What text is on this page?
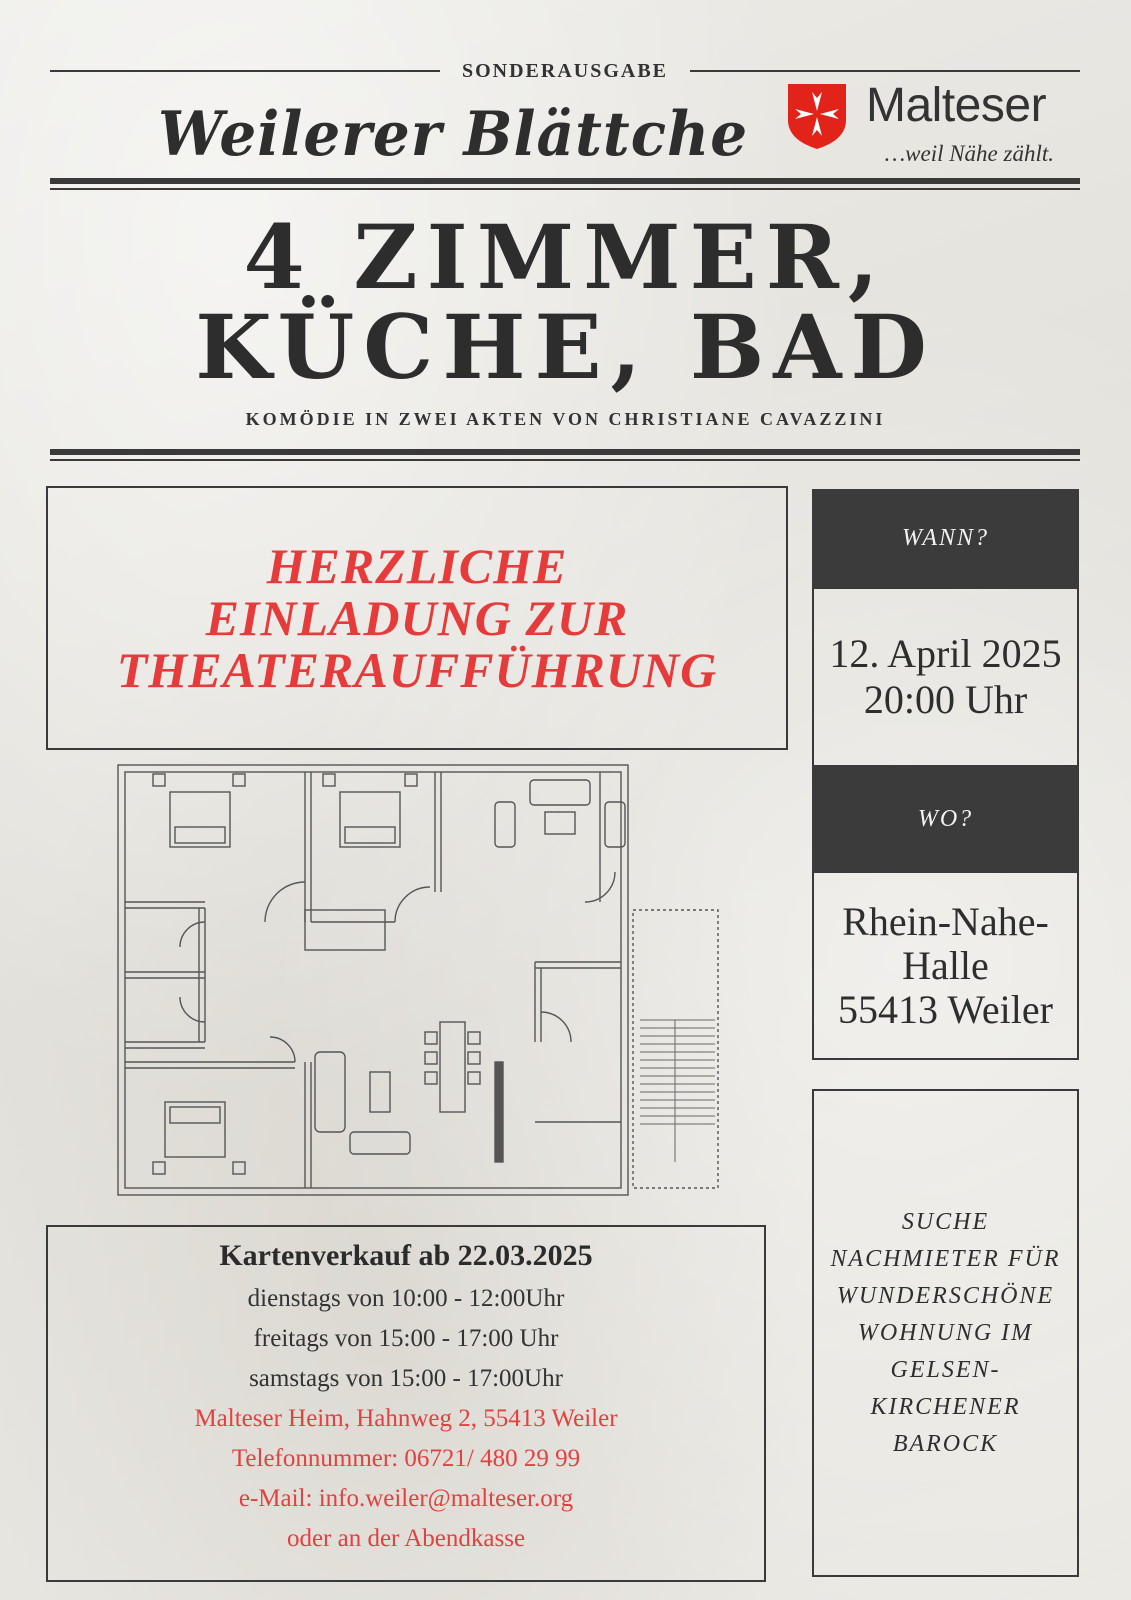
SONDERAUSGABE
Weilerer Blättche Malteser
…weil Nähe zählt.
4 ZIMMER,
KÜCHE, BAD
KOMÖDIE IN ZWEI AKTEN VON CHRISTIANE CAVAZZINI
HERZLICHE
EINLADUNG ZUR
THEATERAUFFÜHRUNG
WANN?
12. April 2025
20:00 Uhr
WO?
Rhein-Nahe-
Halle
55413 Weiler
SUCHE
NACHMIETER FÜR
WUNDERSCHÖNE
WOHNUNG IM
GELSEN-
KIRCHENER
BAROCK
Kartenverkauf ab 22.03.2025
dienstags von 10:00 - 12:00Uhr
freitags von 15:00 - 17:00 Uhr
samstags von 15:00 - 17:00Uhr
Malteser Heim, Hahnweg 2, 55413 Weiler
Telefonnummer: 06721/ 480 29 99
e-Mail: info.weiler@malteser.org
oder an der Abendkasse
